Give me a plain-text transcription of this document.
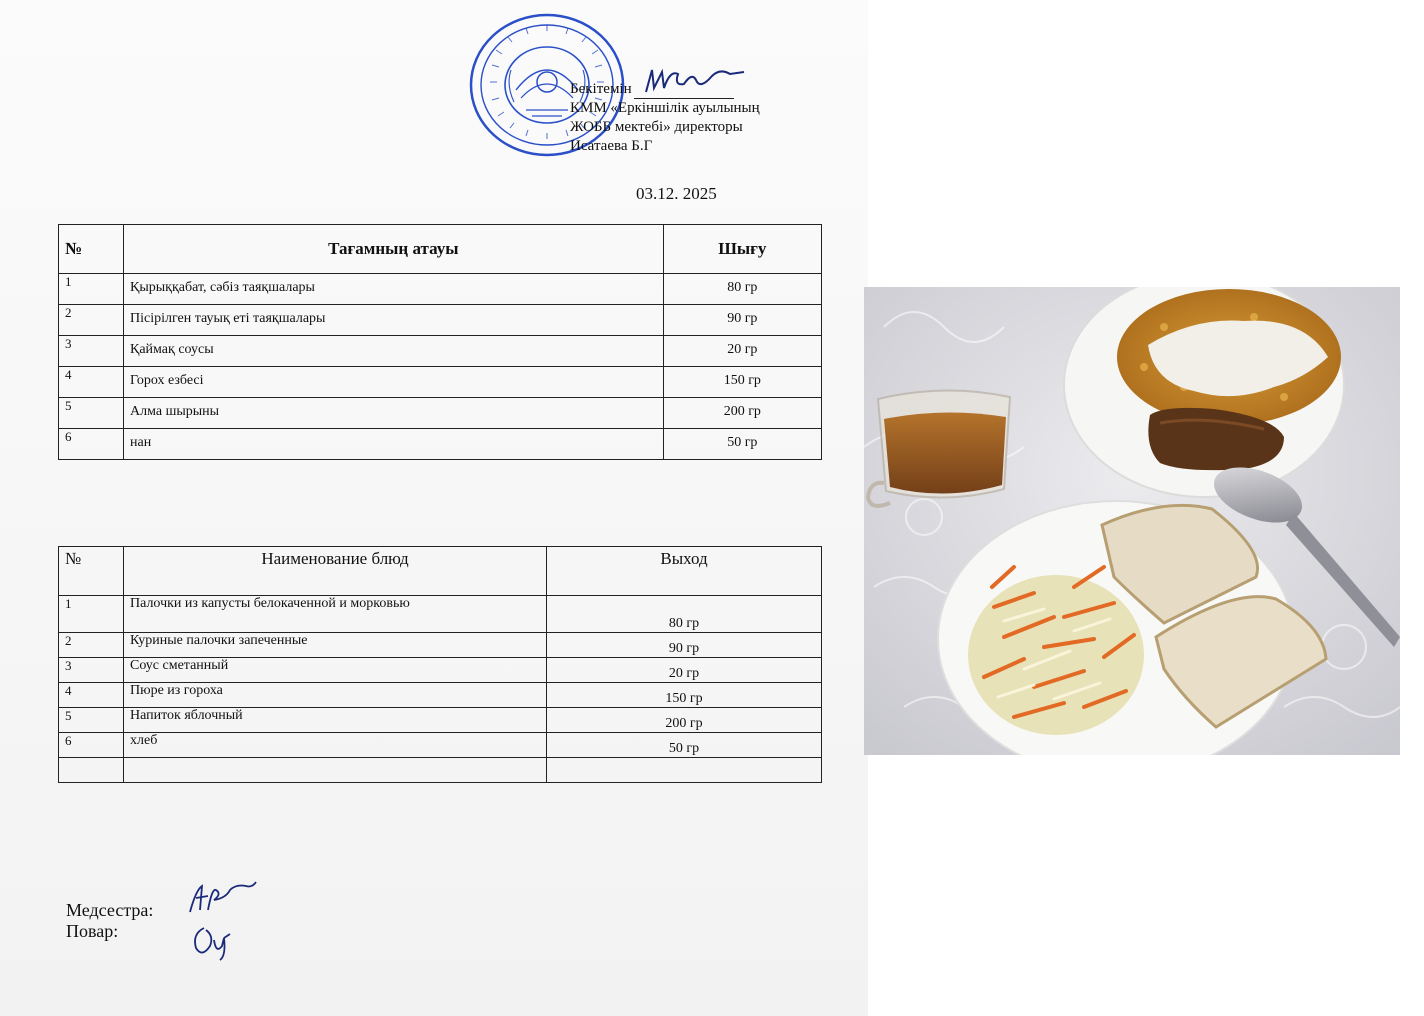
ЕРКІНШІЛІК АУЫЛЫНЫҢ ЖАЛПЫ БІЛІМ БЕРЕТІН ОРТА МЕКТЕБІ
Бекітемін
КММ «Еркіншілік ауылының
ЖОББ мектебі» директоры
Исатаева Б.Г
03.12. 2025
№	Тағамның атауы	Шығу
1	Қырыққабат, сәбіз таяқшалары	80 гр
2	Пісірілген тауық еті таяқшалары	90 гр
3	Қаймақ соусы	20 гр
4	Горох езбесі	150 гр
5	Алма шырыны	200 гр
6	нан	50 гр
№	Наименование блюд	Выход
1	Палочки из капусты белокаченной и морковью	80 гр
2	Куриные палочки запеченные	90 гр
3	Соус сметанный	20 гр
4	Пюре из гороха	150 гр
5	Напиток яблочный	200 гр
6	хлеб	50 гр

Медсестра:
Повар:
